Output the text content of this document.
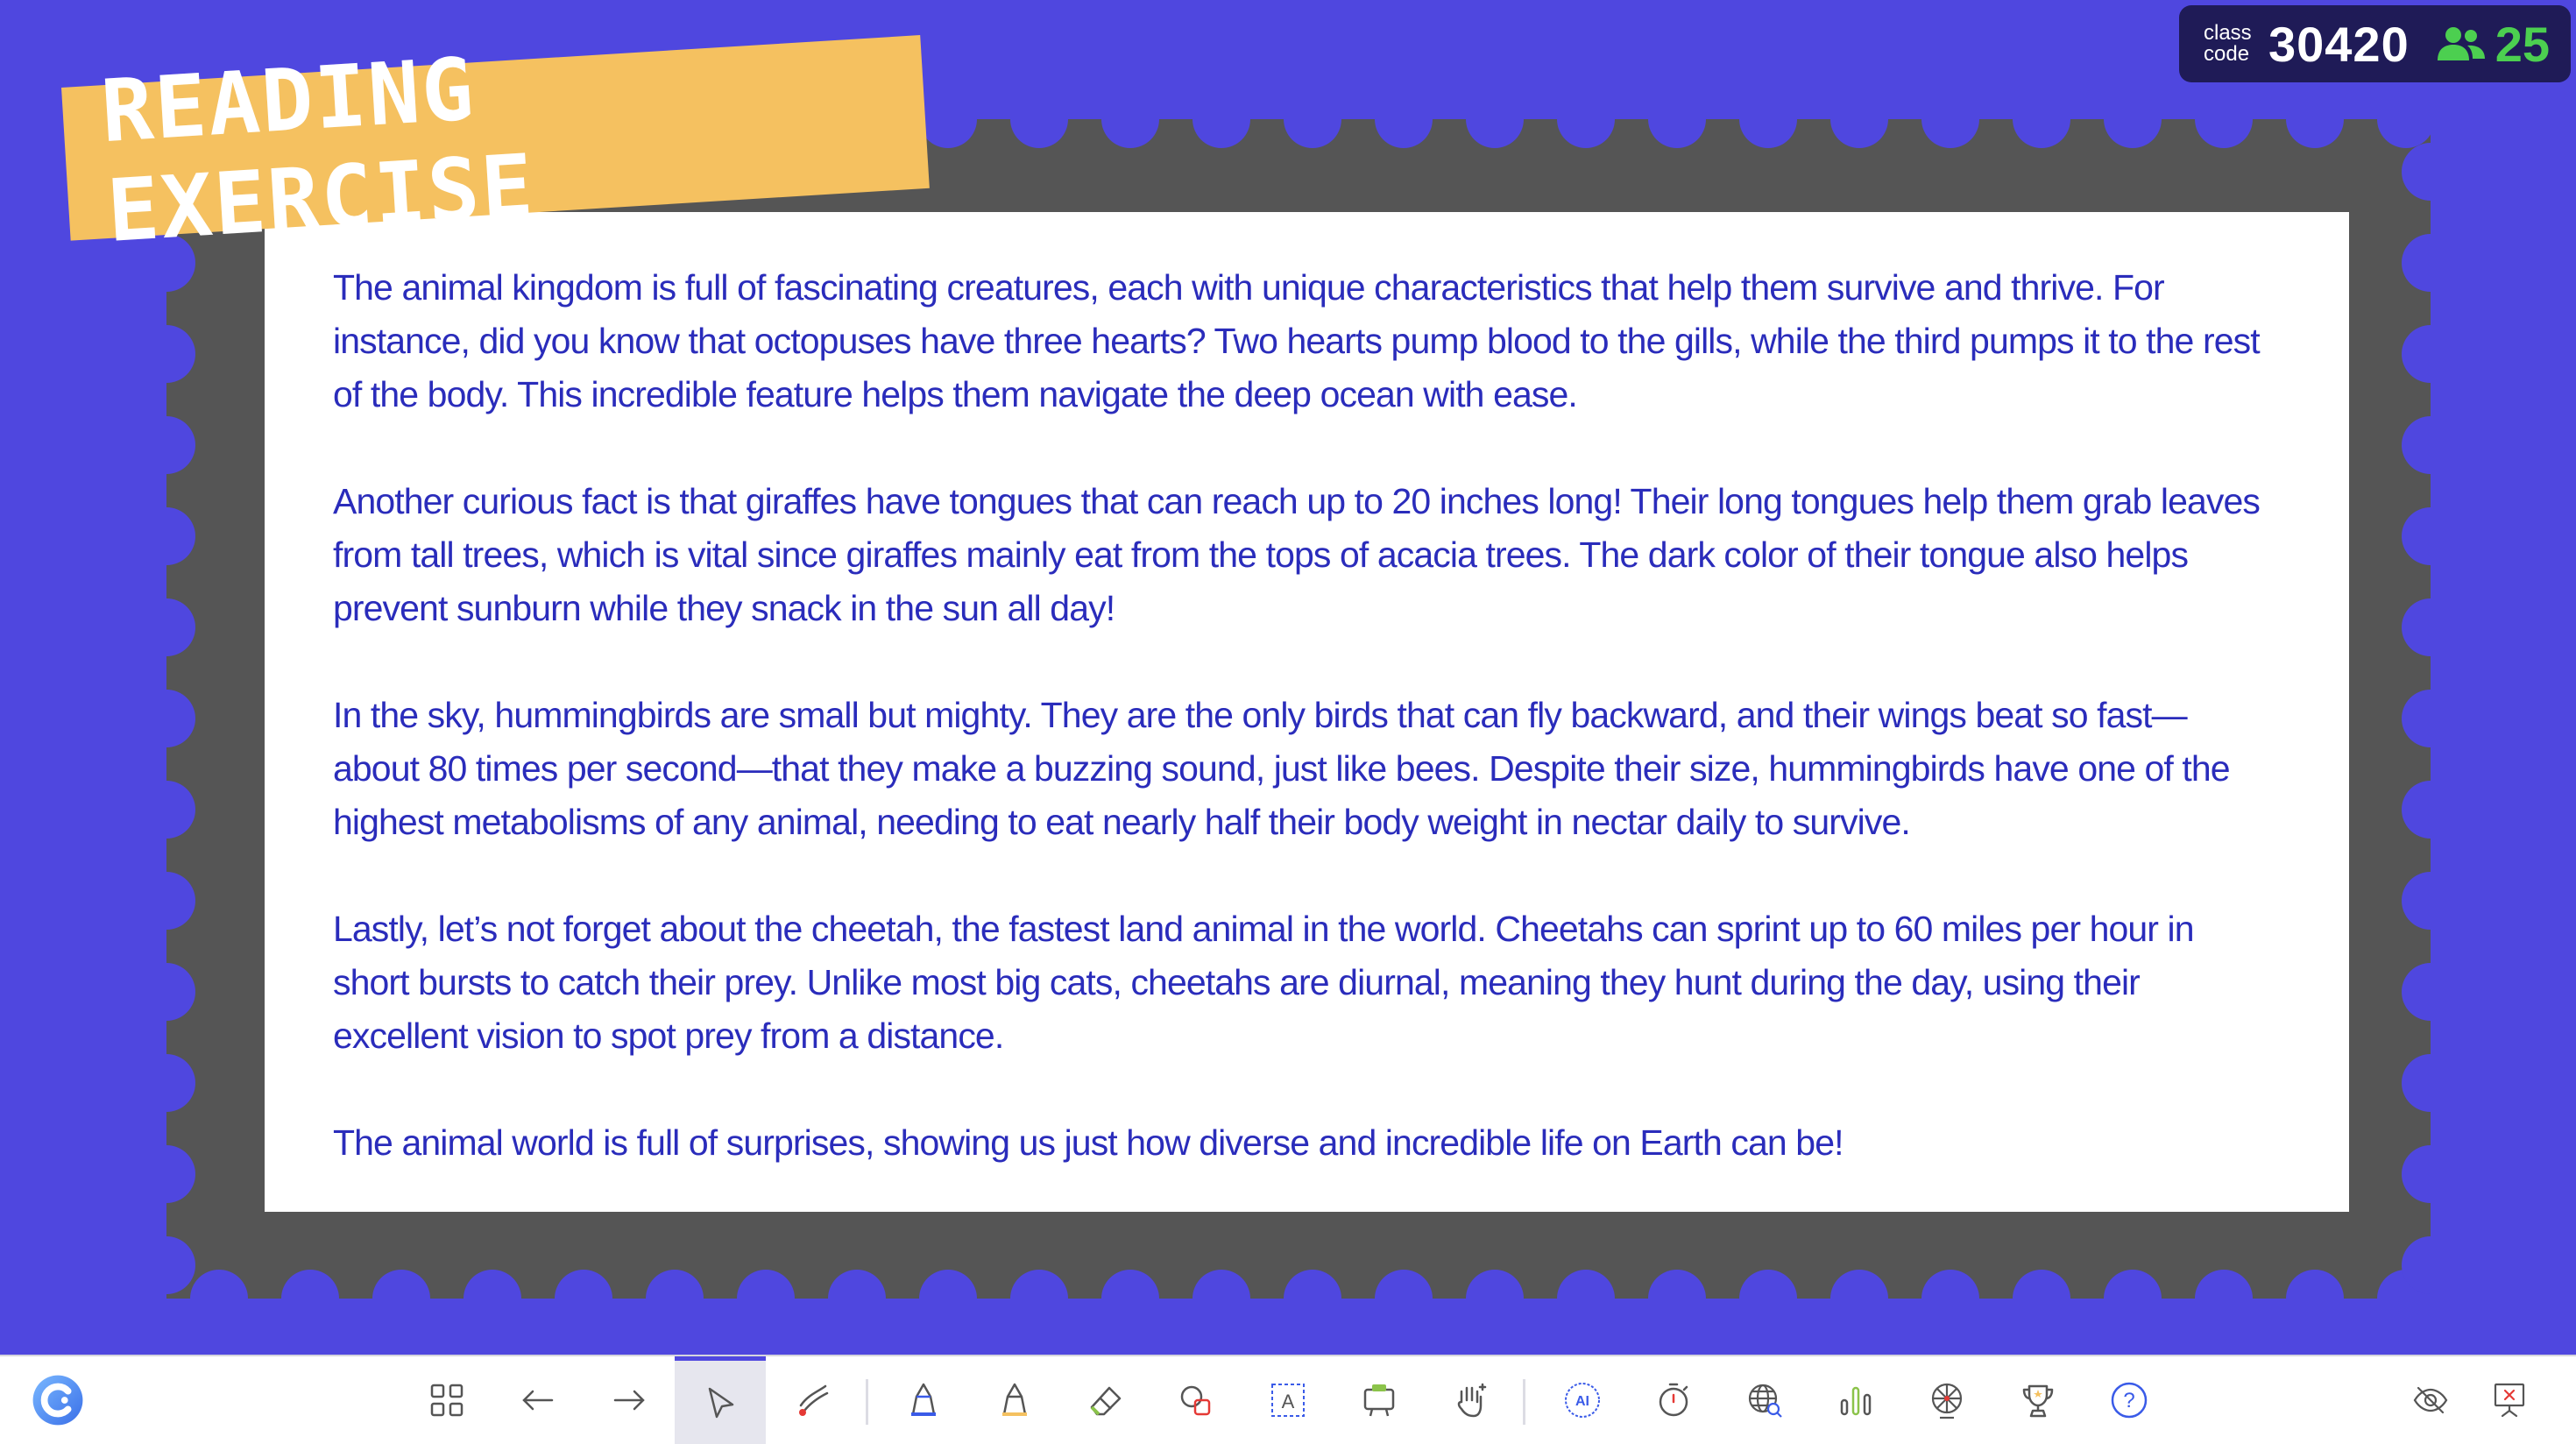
class
code 30420 25

The animal kingdom is full of fascinating creatures, each with unique characteristics that help them survive and thrive. For instance, did you know that octopuses have three hearts? Two hearts pump blood to the gills, while the third pumps it to the rest of the body. This incredible feature helps them navigate the deep ocean with ease.

Another curious fact is that giraffes have tongues that can reach up to 20 inches long! Their long tongues help them grab leaves from tall trees, which is vital since giraffes mainly eat from the tops of acacia trees. The dark color of their tongue also helps prevent sunburn while they snack in the sun all day!

In the sky, hummingbirds are small but mighty. They are the only birds that can fly backward, and their wings beat so fast—about 80 times per second—that they make a buzzing sound, just like bees. Despite their size, hummingbirds have one of the highest metabolisms of any animal, needing to eat nearly half their body weight in nectar daily to survive.

Lastly, let’s not forget about the cheetah, the fastest land animal in the world. Cheetahs can sprint up to 60 miles per hour in short bursts to catch their prey. Unlike most big cats, cheetahs are diurnal, meaning they hunt during the day, using their excellent vision to spot prey from a distance.

The animal world is full of surprises, showing us just how diverse and incredible life on Earth can be!

READING EXERCISE
A	AI	?
